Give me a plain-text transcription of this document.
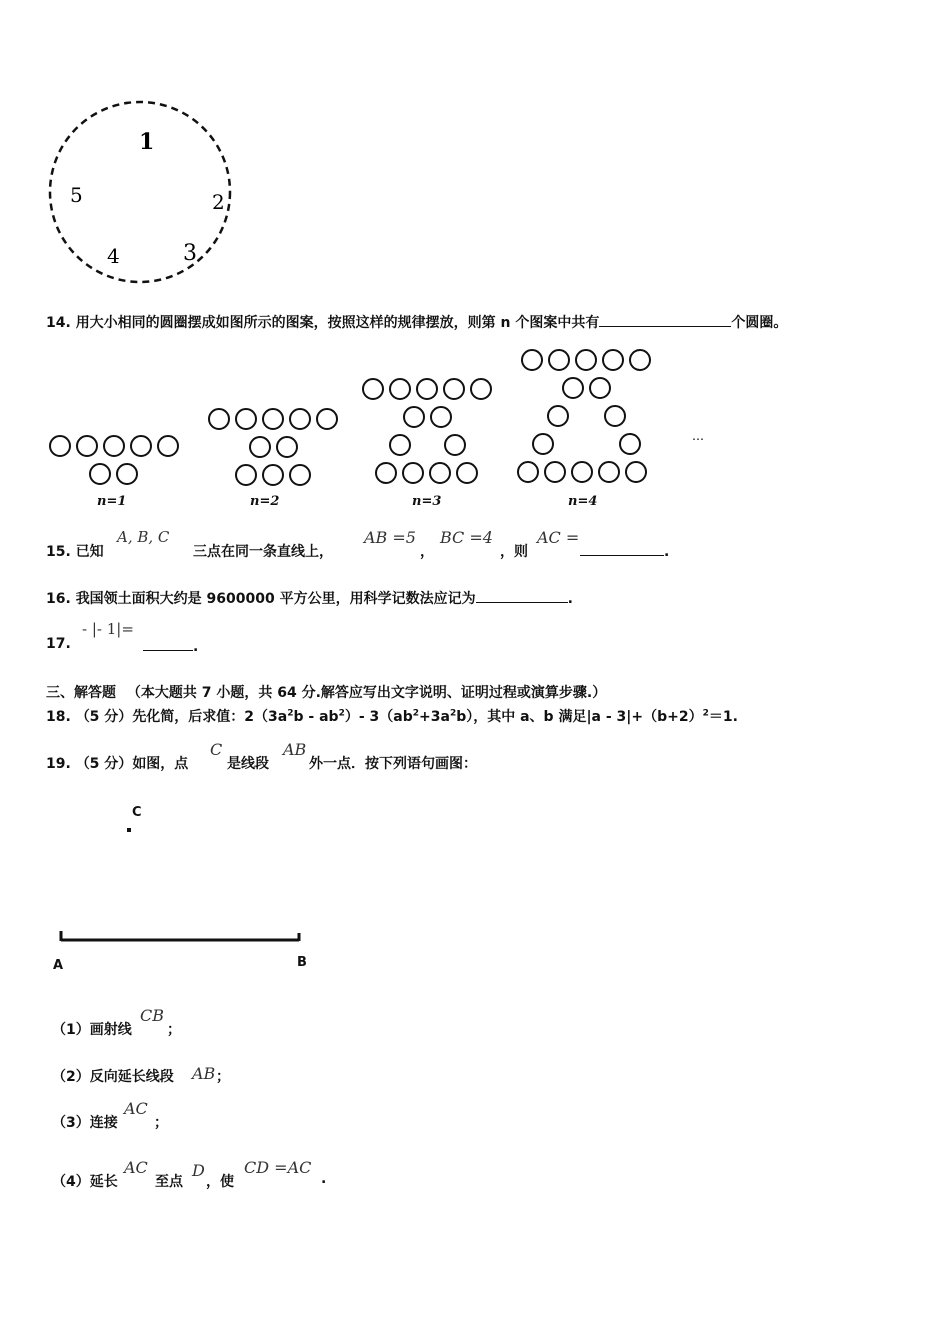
1
2
3
4
5
14. 用大小相同的圆圈摆成如图所示的图案，按照这样的规律摆放，则第 n 个图案中共有	个圆圈。
…
n=1	n=2	n=3	n=4
15. 已知
A, B, C
三点在同一条直线上，
AB =5
，
BC =4
，则
AC =
.
16. 我国领土面积大约是 9600000 平方公里，用科学记数法应记为	.
17.
- |- 1|=
.
三、解答题 （本大题共 7 小题，共 64 分.解答应写出文字说明、证明过程或演算步骤.）
18. （5 分）先化简，后求值：$2(3a^2b - ab^2)-$ $3(ab^2+3a^2b)$，其中 a、b 满足$|a - 3|+(b+2)^2=1$.
19. （5 分）如图，点
C
是线段
AB
外一点．按下列语句画图：
C
A	B
（1）画射线
CB
；
（2）反向延长线段 AB ；
（3）连接
AC
；
（4）延长
AC
至点
D
，使
CD =AC
.
